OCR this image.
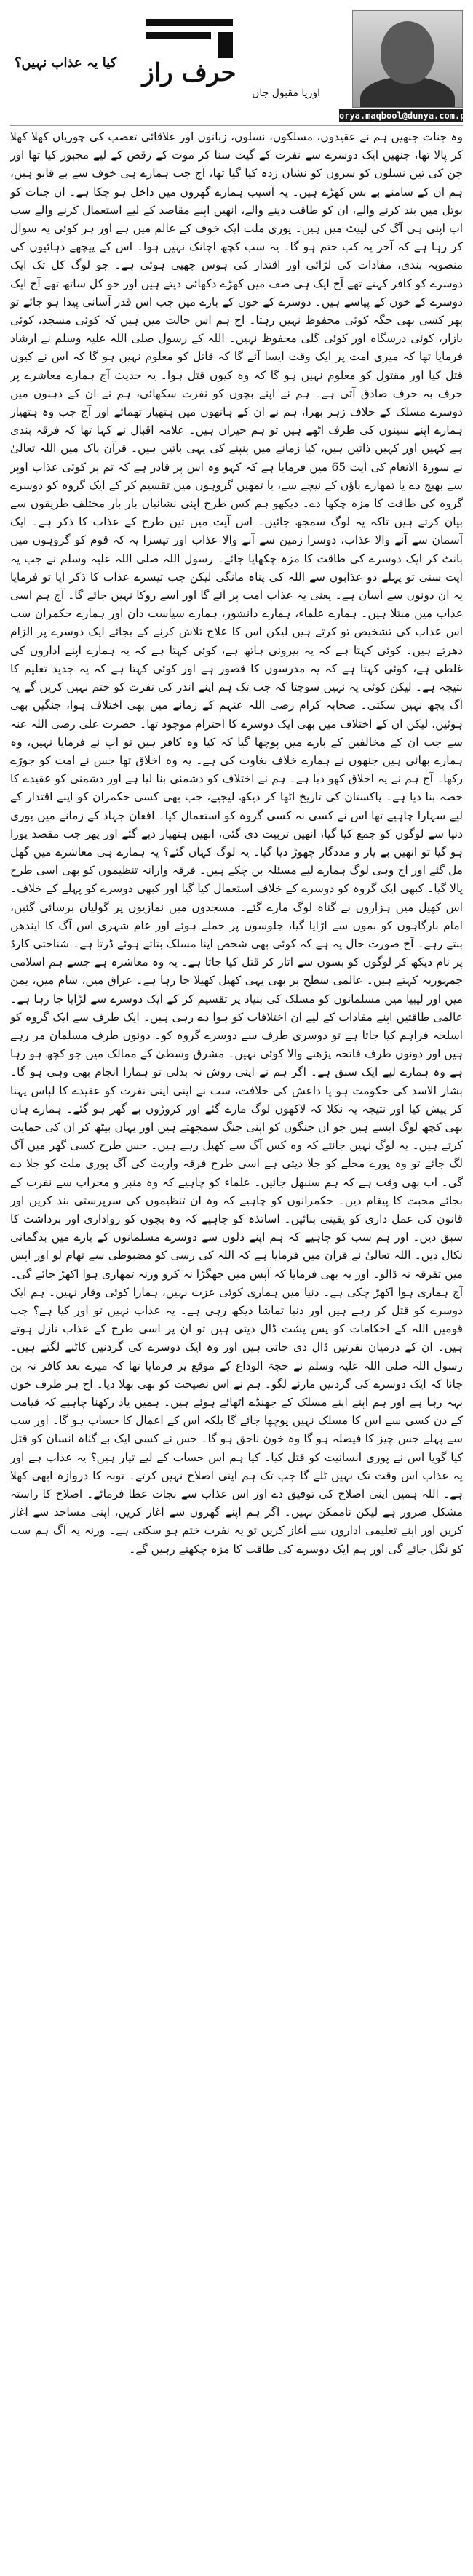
حرف راز
کیا یہ عذاب نہیں؟
اوریا مقبول جان
orya.maqbool@dunya.com.pk

وہ جنات جنھیں ہم نے عقیدوں، مسلکوں، نسلوں، زبانوں اور علاقائی تعصب کی چوریاں کھلا کھلا کر پالا تھا، جنھیں ایک دوسرے سے نفرت کے گیت سنا کر موت کے رقص کے لیے مجبور کیا تھا اور جن کی تین نسلوں کو سروں کو نشان زدہ کیا گیا تھا، آج جب ہمارے ہی خوف سے بے قابو ہیں، ہم ان کے سامنے بے بس کھڑے ہیں۔ یہ آسیب ہمارے گھروں میں داخل ہو چکا ہے۔ ان جنات کو بوتل میں بند کرنے والے، ان کو طاقت دینے والے، انھیں اپنے مقاصد کے لیے استعمال کرنے والے سب اب اپنی ہی آگ کی لپیٹ میں ہیں۔ پوری ملت ایک خوف کے عالم میں ہے اور ہر کوئی یہ سوال کر رہا ہے کہ آخر یہ کب ختم ہو گا۔ یہ سب کچھ اچانک نہیں ہوا۔ اس کے پیچھے دہائیوں کی منصوبہ بندی، مفادات کی لڑائی اور اقتدار کی ہوس چھپی ہوئی ہے۔ جو لوگ کل تک ایک دوسرے کو کافر کہتے تھے آج ایک ہی صف میں کھڑے دکھائی دیتے ہیں اور جو کل ساتھ تھے آج ایک دوسرے کے خون کے پیاسے ہیں۔ دوسرے کے خون کے بارے میں جب اس قدر آسانی پیدا ہو جائے تو پھر کسی بھی جگہ کوئی محفوظ نہیں رہتا۔ آج ہم اس حالت میں ہیں کہ کوئی مسجد، کوئی بازار، کوئی درسگاہ اور کوئی گلی محفوظ نہیں۔ اللہ کے رسول صلی اللہ علیہ وسلم نے ارشاد فرمایا تھا کہ میری امت پر ایک وقت ایسا آئے گا کہ قاتل کو معلوم نہیں ہو گا کہ اس نے کیوں قتل کیا اور مقتول کو معلوم نہیں ہو گا کہ وہ کیوں قتل ہوا۔ یہ حدیث آج ہمارے معاشرے پر حرف بہ حرف صادق آتی ہے۔ ہم نے اپنے بچوں کو نفرت سکھائی، ہم نے ان کے ذہنوں میں دوسرے مسلک کے خلاف زہر بھرا، ہم نے ان کے ہاتھوں میں ہتھیار تھمائے اور آج جب وہ ہتھیار ہمارے اپنے سینوں کی طرف اٹھے ہیں تو ہم حیران ہیں۔ علامہ اقبال نے کہا تھا کہ فرقہ بندی ہے کہیں اور کہیں ذاتیں ہیں، کیا زمانے میں پنپنے کی یہی باتیں ہیں۔ قرآن پاک میں اللہ تعالیٰ نے سورۃ الانعام کی آیت 65 میں فرمایا ہے کہ کہو وہ اس پر قادر ہے کہ تم پر کوئی عذاب اوپر سے بھیج دے یا تمھارے پاؤں کے نیچے سے، یا تمھیں گروہوں میں تقسیم کر کے ایک گروہ کو دوسرے گروہ کی طاقت کا مزہ چکھا دے۔ دیکھو ہم کس طرح اپنی نشانیاں بار بار مختلف طریقوں سے بیان کرتے ہیں تاکہ یہ لوگ سمجھ جائیں۔ اس آیت میں تین طرح کے عذاب کا ذکر ہے۔ ایک آسمان سے آنے والا عذاب، دوسرا زمین سے آنے والا عذاب اور تیسرا یہ کہ قوم کو گروہوں میں بانٹ کر ایک دوسرے کی طاقت کا مزہ چکھایا جائے۔ رسول اللہ صلی اللہ علیہ وسلم نے جب یہ آیت سنی تو پہلے دو عذابوں سے اللہ کی پناہ مانگی لیکن جب تیسرے عذاب کا ذکر آیا تو فرمایا یہ ان دونوں سے آسان ہے۔ یعنی یہ عذاب امت پر آئے گا اور اسے روکا نہیں جائے گا۔ آج ہم اسی عذاب میں مبتلا ہیں۔ ہمارے علماء، ہمارے دانشور، ہمارے سیاست دان اور ہمارے حکمران سب اس عذاب کی تشخیص تو کرتے ہیں لیکن اس کا علاج تلاش کرنے کے بجائے ایک دوسرے پر الزام دھرتے ہیں۔ کوئی کہتا ہے کہ یہ بیرونی ہاتھ ہے، کوئی کہتا ہے کہ یہ ہمارے اپنے اداروں کی غلطی ہے، کوئی کہتا ہے کہ یہ مدرسوں کا قصور ہے اور کوئی کہتا ہے کہ یہ جدید تعلیم کا نتیجہ ہے۔ لیکن کوئی یہ نہیں سوچتا کہ جب تک ہم اپنے اندر کی نفرت کو ختم نہیں کریں گے یہ آگ بجھ نہیں سکتی۔ صحابہ کرام رضی اللہ عنہم کے زمانے میں بھی اختلاف ہوا، جنگیں بھی ہوئیں، لیکن ان کے اختلاف میں بھی ایک دوسرے کا احترام موجود تھا۔ حضرت علی رضی اللہ عنہ سے جب ان کے مخالفین کے بارے میں پوچھا گیا کہ کیا وہ کافر ہیں تو آپ نے فرمایا نہیں، وہ ہمارے بھائی ہیں جنھوں نے ہمارے خلاف بغاوت کی ہے۔ یہ وہ اخلاق تھا جس نے امت کو جوڑے رکھا۔ آج ہم نے یہ اخلاق کھو دیا ہے۔ ہم نے اختلاف کو دشمنی بنا لیا ہے اور دشمنی کو عقیدے کا حصہ بنا دیا ہے۔ پاکستان کی تاریخ اٹھا کر دیکھ لیجیے، جب بھی کسی حکمران کو اپنے اقتدار کے لیے سہارا چاہیے تھا اس نے کسی نہ کسی گروہ کو استعمال کیا۔ افغان جہاد کے زمانے میں پوری دنیا سے لوگوں کو جمع کیا گیا، انھیں تربیت دی گئی، انھیں ہتھیار دیے گئے اور پھر جب مقصد پورا ہو گیا تو انھیں بے یار و مددگار چھوڑ دیا گیا۔ یہ لوگ کہاں گئے؟ یہ ہمارے ہی معاشرے میں گھل مل گئے اور آج وہی لوگ ہمارے لیے مسئلہ بن چکے ہیں۔ فرقہ وارانہ تنظیموں کو بھی اسی طرح پالا گیا۔ کبھی ایک گروہ کو دوسرے کے خلاف استعمال کیا گیا اور کبھی دوسرے کو پہلے کے خلاف۔ اس کھیل میں ہزاروں بے گناہ لوگ مارے گئے۔ مسجدوں میں نمازیوں پر گولیاں برسائی گئیں، امام بارگاہوں کو بموں سے اڑایا گیا، جلوسوں پر حملے ہوئے اور عام شہری اس آگ کا ایندھن بنتے رہے۔ آج صورت حال یہ ہے کہ کوئی بھی شخص اپنا مسلک بتاتے ہوئے ڈرتا ہے۔ شناختی کارڈ پر نام دیکھ کر لوگوں کو بسوں سے اتار کر قتل کیا جاتا ہے۔ یہ وہ معاشرہ ہے جسے ہم اسلامی جمہوریہ کہتے ہیں۔ عالمی سطح پر بھی یہی کھیل کھیلا جا رہا ہے۔ عراق میں، شام میں، یمن میں اور لیبیا میں مسلمانوں کو مسلک کی بنیاد پر تقسیم کر کے ایک دوسرے سے لڑایا جا رہا ہے۔ عالمی طاقتیں اپنے مفادات کے لیے ان اختلافات کو ہوا دے رہی ہیں۔ ایک طرف سے ایک گروہ کو اسلحہ فراہم کیا جاتا ہے تو دوسری طرف سے دوسرے گروہ کو۔ دونوں طرف مسلمان مر رہے ہیں اور دونوں طرف فاتحہ پڑھنے والا کوئی نہیں۔ مشرق وسطیٰ کے ممالک میں جو کچھ ہو رہا ہے وہ ہمارے لیے ایک سبق ہے۔ اگر ہم نے اپنی روش نہ بدلی تو ہمارا انجام بھی وہی ہو گا۔ بشار الاسد کی حکومت ہو یا داعش کی خلافت، سب نے اپنی اپنی نفرت کو عقیدے کا لباس پہنا کر پیش کیا اور نتیجہ یہ نکلا کہ لاکھوں لوگ مارے گئے اور کروڑوں بے گھر ہو گئے۔ ہمارے ہاں بھی کچھ لوگ ایسے ہیں جو ان جنگوں کو اپنی جنگ سمجھتے ہیں اور یہاں بیٹھ کر ان کی حمایت کرتے ہیں۔ یہ لوگ نہیں جانتے کہ وہ کس آگ سے کھیل رہے ہیں۔ جس طرح کسی گھر میں آگ لگ جائے تو وہ پورے محلے کو جلا دیتی ہے اسی طرح فرقہ واریت کی آگ پوری ملت کو جلا دے گی۔ اب بھی وقت ہے کہ ہم سنبھل جائیں۔ علماء کو چاہیے کہ وہ منبر و محراب سے نفرت کے بجائے محبت کا پیغام دیں۔ حکمرانوں کو چاہیے کہ وہ ان تنظیموں کی سرپرستی بند کریں اور قانون کی عمل داری کو یقینی بنائیں۔ اساتذہ کو چاہیے کہ وہ بچوں کو رواداری اور برداشت کا سبق دیں۔ اور ہم سب کو چاہیے کہ ہم اپنے دلوں سے دوسرے مسلمانوں کے بارے میں بدگمانی نکال دیں۔ اللہ تعالیٰ نے قرآن میں فرمایا ہے کہ اللہ کی رسی کو مضبوطی سے تھام لو اور آپس میں تفرقہ نہ ڈالو۔ اور یہ بھی فرمایا کہ آپس میں جھگڑا نہ کرو ورنہ تمھاری ہوا اکھڑ جائے گی۔ آج ہماری ہوا اکھڑ چکی ہے۔ دنیا میں ہماری کوئی عزت نہیں، ہمارا کوئی وقار نہیں۔ ہم ایک دوسرے کو قتل کر رہے ہیں اور دنیا تماشا دیکھ رہی ہے۔ یہ عذاب نہیں تو اور کیا ہے؟ جب قومیں اللہ کے احکامات کو پس پشت ڈال دیتی ہیں تو ان پر اسی طرح کے عذاب نازل ہوتے ہیں۔ ان کے درمیان نفرتیں ڈال دی جاتی ہیں اور وہ ایک دوسرے کی گردنیں کاٹنے لگتے ہیں۔ رسول اللہ صلی اللہ علیہ وسلم نے حجۃ الوداع کے موقع پر فرمایا تھا کہ میرے بعد کافر نہ بن جانا کہ ایک دوسرے کی گردنیں مارنے لگو۔ ہم نے اس نصیحت کو بھی بھلا دیا۔ آج ہر طرف خون بہہ رہا ہے اور ہم اپنے اپنے مسلک کے جھنڈے اٹھائے ہوئے ہیں۔ ہمیں یاد رکھنا چاہیے کہ قیامت کے دن کسی سے اس کا مسلک نہیں پوچھا جائے گا بلکہ اس کے اعمال کا حساب ہو گا۔ اور سب سے پہلے جس چیز کا فیصلہ ہو گا وہ خون ناحق ہو گا۔ جس نے کسی ایک بے گناہ انسان کو قتل کیا گویا اس نے پوری انسانیت کو قتل کیا۔ کیا ہم اس حساب کے لیے تیار ہیں؟ یہ عذاب ہے اور یہ عذاب اس وقت تک نہیں ٹلے گا جب تک ہم اپنی اصلاح نہیں کرتے۔ توبہ کا دروازہ ابھی کھلا ہے۔ اللہ ہمیں اپنی اصلاح کی توفیق دے اور اس عذاب سے نجات عطا فرمائے۔ اصلاح کا راستہ مشکل ضرور ہے لیکن ناممکن نہیں۔ اگر ہم اپنے گھروں سے آغاز کریں، اپنی مساجد سے آغاز کریں اور اپنے تعلیمی اداروں سے آغاز کریں تو یہ نفرت ختم ہو سکتی ہے۔ ورنہ یہ آگ ہم سب کو نگل جائے گی اور ہم ایک دوسرے کی طاقت کا مزہ چکھتے رہیں گے۔
